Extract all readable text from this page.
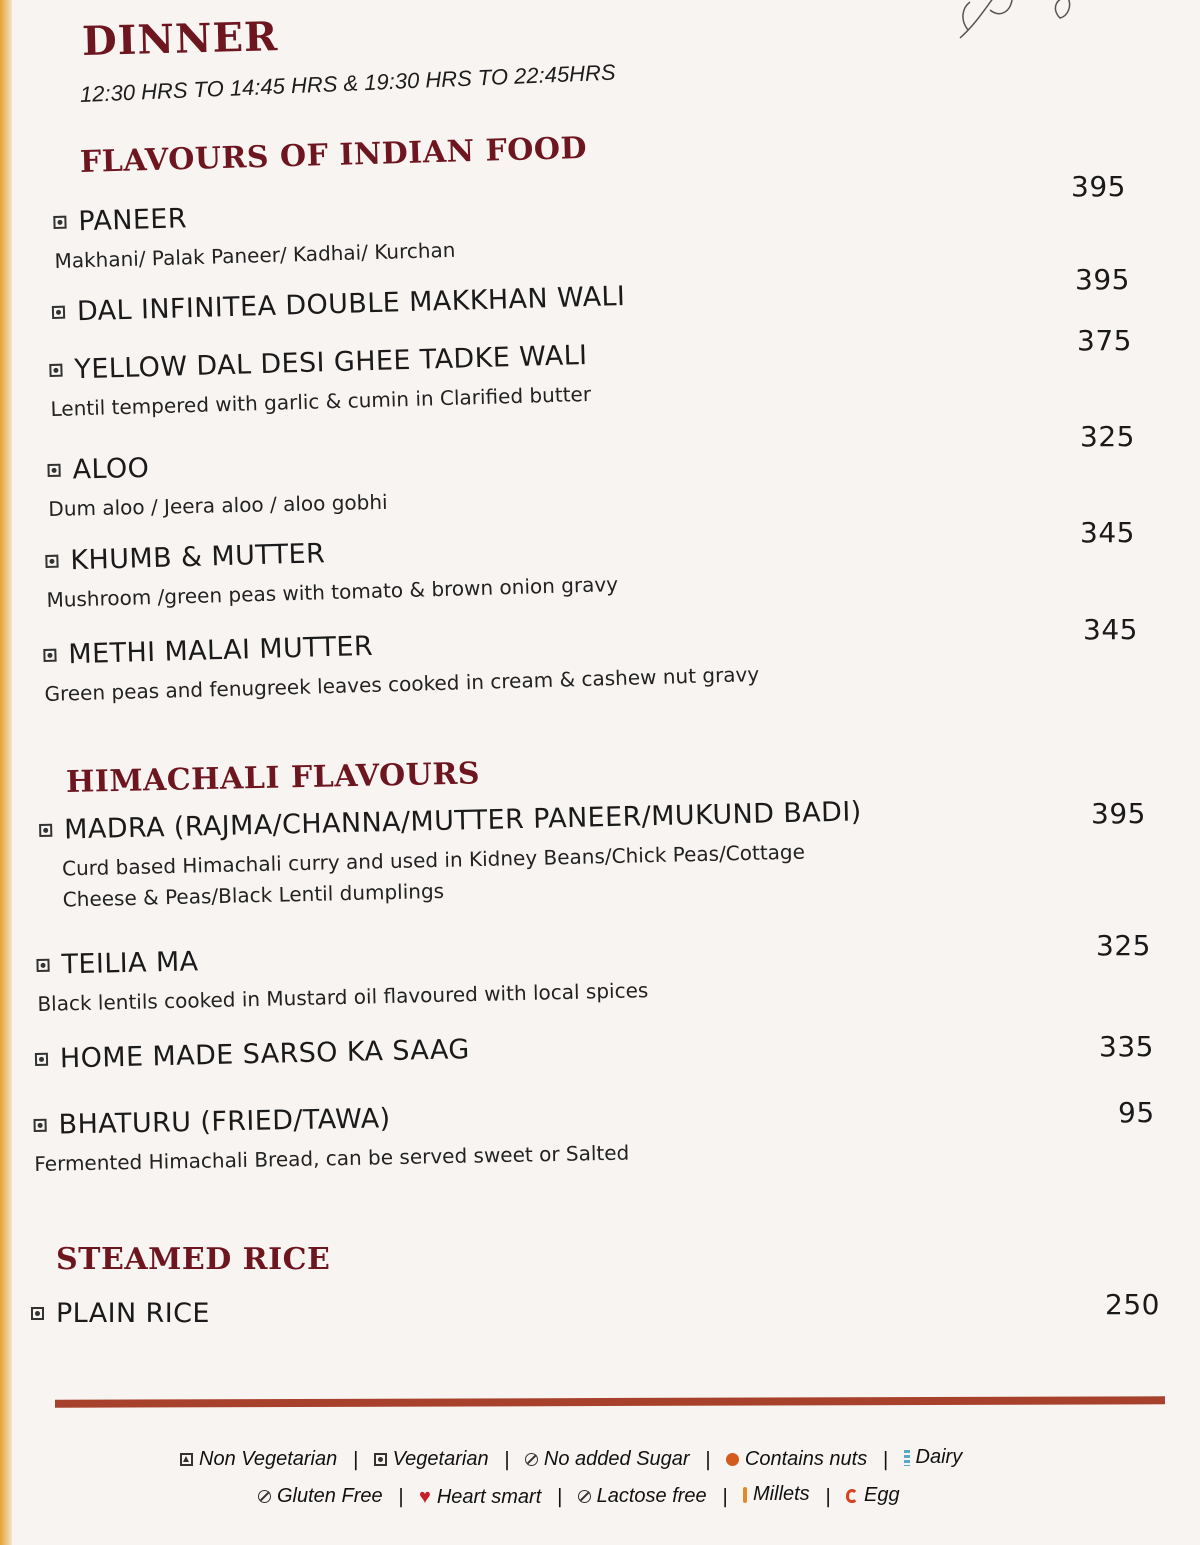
DINNER
12:30 HRS TO 14:45 HRS & 19:30 HRS TO 22:45HRS
FLAVOURS OF INDIAN FOOD
PANEER
Makhani/ Palak Paneer/ Kadhai/ Kurchan
395
DAL INFINITEA DOUBLE MAKKHAN WALI
395
YELLOW DAL DESI GHEE TADKE WALI
Lentil tempered with garlic & cumin in Clarified butter
375
ALOO
Dum aloo / Jeera aloo / aloo gobhi
325
KHUMB & MUTTER
Mushroom /green peas with tomato & brown onion gravy
345
METHI MALAI MUTTER
Green peas and fenugreek leaves cooked in cream & cashew nut gravy
345
HIMACHALI FLAVOURS
MADRA (RAJMA/CHANNA/MUTTER PANEER/MUKUND BADI)
Curd based Himachali curry and used in Kidney Beans/Chick Peas/Cottage
Cheese & Peas/Black Lentil dumplings
395
TEILIA MA
Black lentils cooked in Mustard oil flavoured with local spices
325
HOME MADE SARSO KA SAAG	335
BHATURU (FRIED/TAWA)
Fermented Himachali Bread, can be served sweet or Salted
95
STEAMED RICE
PLAIN RICE	250
Non Vegetarian | Vegetarian | No added Sugar | Contains nuts | Dairy
Gluten Free | ♥ Heart smart | Lactose free | Millets | Egg
